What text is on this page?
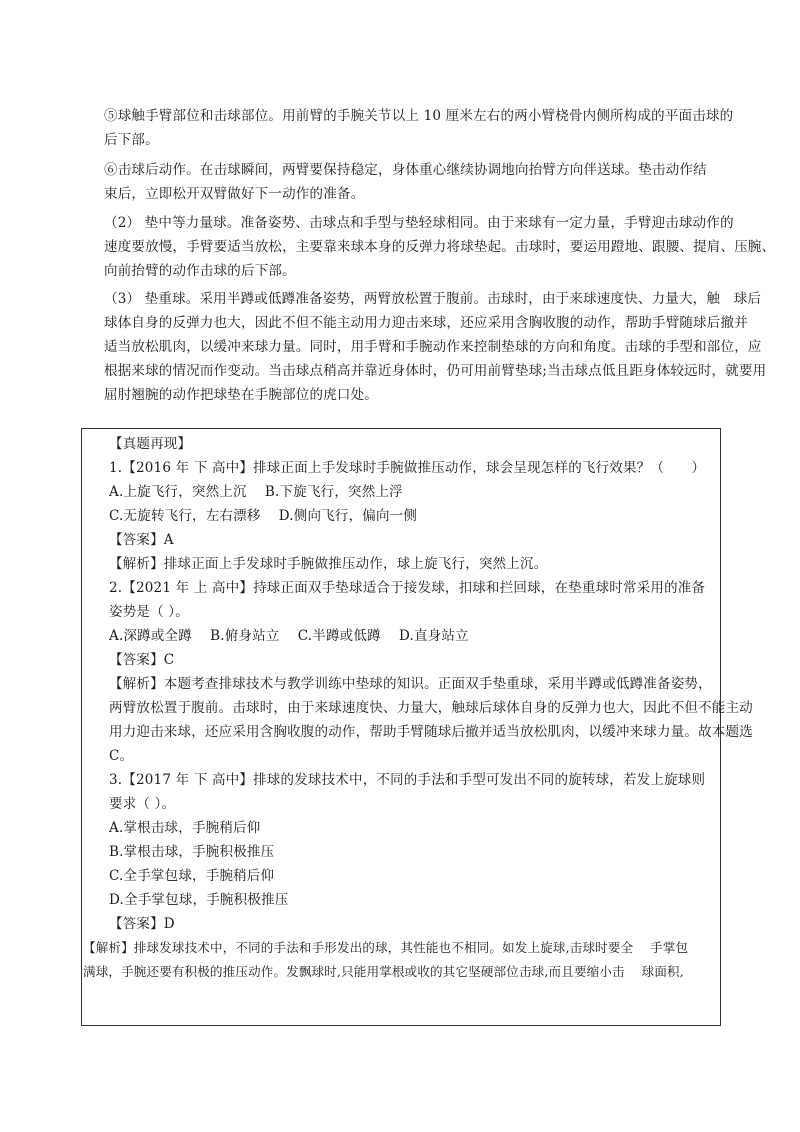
⑤球触手臂部位和击球部位。用前臂的手腕关节以上 10 厘米左右的两小臂桡骨内侧所构成的平面击球的
后下部。
⑥击球后动作。在击球瞬间，两臂要保持稳定，身体重心继续协调地向抬臂方向伴送球。垫击动作结
束后，立即松开双臂做好下一动作的准备。
（2） 垫中等力量球。准备姿势、击球点和手型与垫轻球相同。由于来球有一定力量，手臂迎击球动作的
速度要放慢，手臂要适当放松，主要靠来球本身的反弹力将球垫起。击球时，要运用蹬地、跟腰、提肩、压腕、
向前抬臂的动作击球的后下部。
（3） 垫重球。采用半蹲或低蹲准备姿势，两臂放松置于腹前。击球时，由于来球速度快、力量大，触　球后
球体自身的反弹力也大，因此不但不能主动用力迎击来球，还应采用含胸收腹的动作，帮助手臂随球后撤并
适当放松肌肉，以缓冲来球力量。同时，用手臂和手腕动作来控制垫球的方向和角度。击球的手型和部位，应
根据来球的情况而作变动。当击球点稍高并靠近身体时，仍可用前臂垫球;当击球点低且距身体较远时，就要用
屈肘翘腕的动作把球垫在手腕部位的虎口处。
【真题再现】
1.【2016 年 下 高中】排球正面上手发球时手腕做推压动作，球会呈现怎样的飞行效果？（　　）
A.上旋飞行，突然上沉　 B.下旋飞行，突然上浮
C.无旋转飞行，左右漂移　 D.侧向飞行，偏向一侧
【答案】A
【解析】排球正面上手发球时手腕做推压动作，球上旋飞行，突然上沉。
2.【2021 年 上 高中】持球正面双手垫球适合于接发球，扣球和拦回球，在垫重球时常采用的准备
姿势是（ ）。
A.深蹲或全蹲　 B.俯身站立　 C.半蹲或低蹲　 D.直身站立
【答案】C
【解析】本题考查排球技术与教学训练中垫球的知识。正面双手垫重球，采用半蹲或低蹲准备姿势，
两臂放松置于腹前。击球时，由于来球速度快、力量大，触球后球体自身的反弹力也大，因此不但不能主动
用力迎击来球，还应采用含胸收腹的动作，帮助手臂随球后撤并适当放松肌肉，以缓冲来球力量。故本题选
C。
3.【2017 年 下 高中】排球的发球技术中，不同的手法和手型可发出不同的旋转球，若发上旋球则
要求（ ）。
A.掌根击球，手腕稍后仰
B.掌根击球，手腕积极推压
C.全手掌包球，手腕稍后仰
D.全手掌包球，手腕积极推压
【答案】D
【解析】排球发球技术中，不同的手法和手形发出的球，其性能也不相同。如发上旋球,击球时要全　 手掌包
满球，手腕还要有积极的推压动作。发飘球时,只能用掌根或收的其它坚硬部位击球,而且要缩小击　 球面积,
